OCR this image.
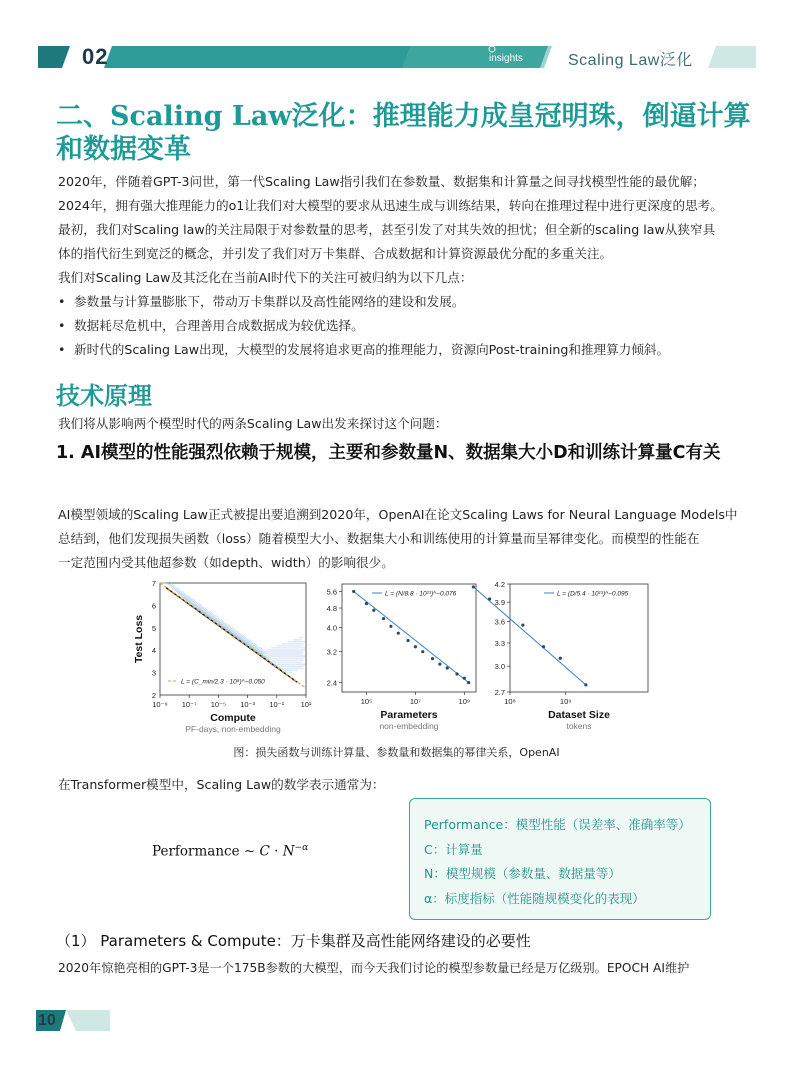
02	insights	Scaling Law泛化
二、Scaling Law泛化：推理能力成皇冠明珠，倒逼计算和数据变革
2020年，伴随着GPT-3问世，第一代Scaling Law指引我们在参数量、数据集和计算量之间寻找模型性能的最优解；
2024年，拥有强大推理能力的o1让我们对大模型的要求从迅速生成与训练结果，转向在推理过程中进行更深度的思考。
最初，我们对Scaling law的关注局限于对参数量的思考，甚至引发了对其失效的担忧；但全新的scaling law从狭窄具
体的指代衍生到宽泛的概念，并引发了我们对万卡集群、合成数据和计算资源最优分配的多重关注。
我们对Scaling Law及其泛化在当前AI时代下的关注可被归纳为以下几点：
• 参数量与计算量膨胀下，带动万卡集群以及高性能网络的建设和发展。
• 数据耗尽危机中，合理善用合成数据成为较优选择。
• 新时代的Scaling Law出现，大模型的发展将追求更高的推理能力，资源向Post-training和推理算力倾斜。
技术原理
我们将从影响两个模型时代的两条Scaling Law出发来探讨这个问题：
1. AI模型的性能强烈依赖于规模，主要和参数量N、数据集大小D和训练计算量C有关
AI模型领域的Scaling Law正式被提出要追溯到2020年，OpenAI在论文Scaling Laws for Neural Language Models中
总结到，他们发现损失函数（loss）随着模型大小、数据集大小和训练使用的计算量而呈幂律变化。而模型的性能在
一定范围内受其他超参数（如depth、width）的影响很少。
10⁻⁹ 10⁻⁷ 10⁻⁵ 10⁻³ 10⁻¹ 10¹
2
3
4
5
6
7
Compute
PF-days, non-embedding
Test Loss
L = (C_min/2.3 · 10⁸)^−0.050
10⁵	10⁷	10⁹
2.4
3.2
4.0
4.8
5.6
Parameters
non-embedding
L = (N/8.8 · 10¹³)^−0.076
10⁸	10⁹
2.7
3.0
3.3
3.6
3.9
4.2
Dataset Size
tokens
L = (D/5.4 · 10¹³)^−0.095
图：损失函数与训练计算量、参数量和数据集的幂律关系，OpenAI
在Transformer模型中，Scaling Law的数学表示通常为：
Performance ∼ $C \cdot N^{-\alpha}$
Performance：模型性能（误差率、准确率等）
C：计算量
N：模型规模（参数量、数据量等）
α：标度指标（性能随规模变化的表现）
（1） Parameters & Compute：万卡集群及高性能网络建设的必要性
2020年惊艳亮相的GPT-3是一个175B参数的大模型，而今天我们讨论的模型参数量已经是万亿级别。EPOCH AI维护
10
